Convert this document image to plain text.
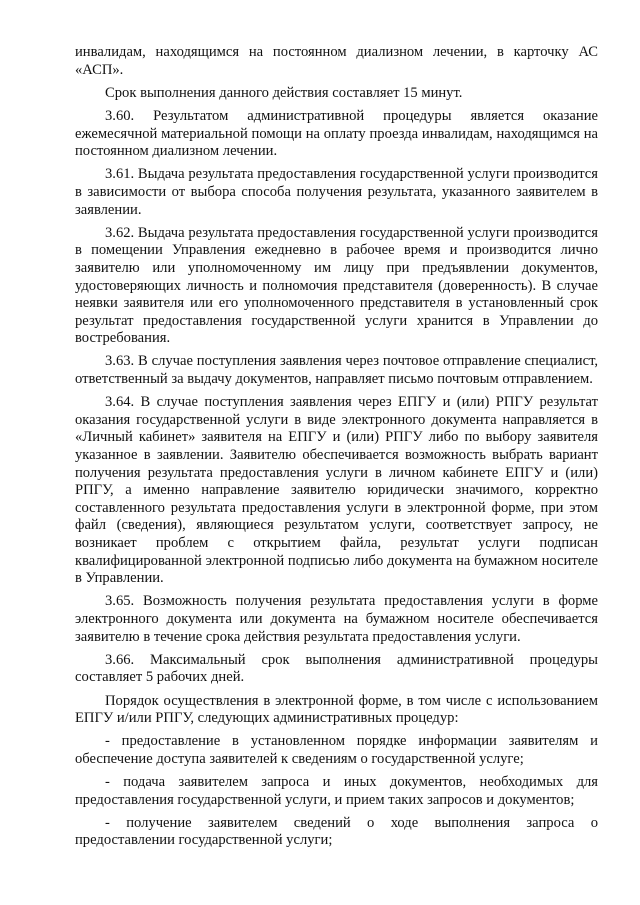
инвалидам, находящимся на постоянном диализном лечении, в карточку АС «АСП».

Срок выполнения данного действия составляет 15 минут.

3.60. Результатом административной процедуры является оказание ежемесячной материальной помощи на оплату проезда инвалидам, находящимся на постоянном диализном лечении.

3.61. Выдача результата предоставления государственной услуги производится в зависимости от выбора способа получения результата, указанного заявителем в заявлении.

3.62. Выдача результата предоставления государственной услуги производится в помещении Управления ежедневно в рабочее время и производится лично заявителю или уполномоченному им лицу при предъявлении документов, удостоверяющих личность и полномочия представителя (доверенность). В случае неявки заявителя или его уполномоченного представителя в установленный срок результат предоставления государственной услуги хранится в Управлении до востребования.

3.63. В случае поступления заявления через почтовое отправление специалист, ответственный за выдачу документов, направляет письмо почтовым отправлением.

3.64. В случае поступления заявления через ЕПГУ и (или) РПГУ результат оказания государственной услуги в виде электронного документа направляется в «Личный кабинет» заявителя на ЕПГУ и (или) РПГУ либо по выбору заявителя указанное в заявлении. Заявителю обеспечивается возможность выбрать вариант получения результата предоставления услуги в личном кабинете ЕПГУ и (или) РПГУ, а именно направление заявителю юридически значимого, корректно составленного результата предоставления услуги в электронной форме, при этом файл (сведения), являющиеся результатом услуги, соответствует запросу, не возникает проблем с открытием файла, результат услуги подписан квалифицированной электронной подписью либо документа на бумажном носителе в Управлении.

3.65. Возможность получения результата предоставления услуги в форме электронного документа или документа на бумажном носителе обеспечивается заявителю в течение срока действия результата предоставления услуги.

3.66. Максимальный срок выполнения административной процедуры составляет 5 рабочих дней.

Порядок осуществления в электронной форме, в том числе с использованием ЕПГУ и/или РПГУ, следующих административных процедур:

- предоставление в установленном порядке информации заявителям и обеспечение доступа заявителей к сведениям о государственной услуге;

- подача заявителем запроса и иных документов, необходимых для предоставления государственной услуги, и прием таких запросов и документов;

- получение заявителем сведений о ходе выполнения запроса о предоставлении государственной услуги;
